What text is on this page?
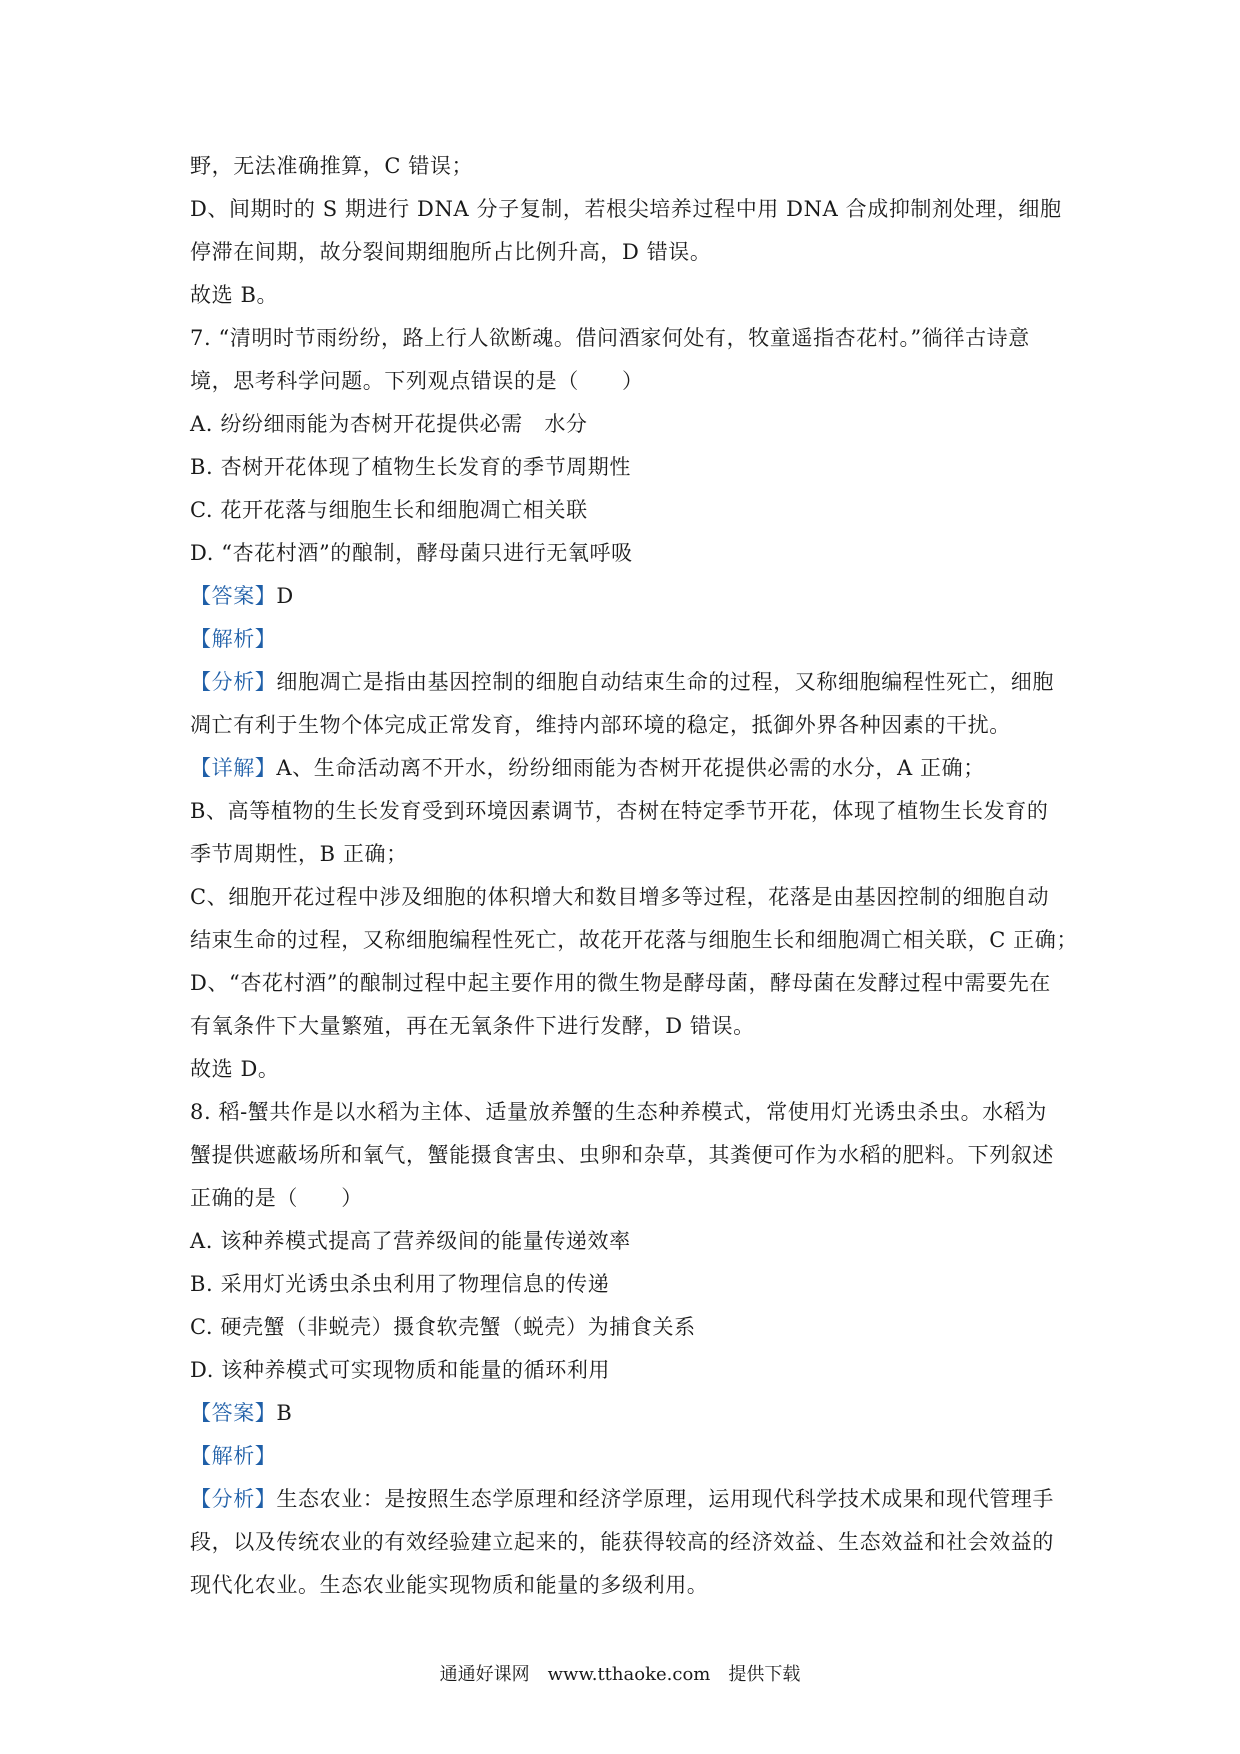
野，无法准确推算，C 错误；
D、间期时的 S 期进行 DNA 分子复制，若根尖培养过程中用 DNA 合成抑制剂处理，细胞
停滞在间期，故分裂间期细胞所占比例升高，D 错误。
故选 B。
7. “清明时节雨纷纷，路上行人欲断魂。借问酒家何处有，牧童遥指杏花村。”徜徉古诗意
境，思考科学问题。下列观点错误的是（　　）
A. 纷纷细雨能为杏树开花提供必需　水分
B. 杏树开花体现了植物生长发育的季节周期性
C. 花开花落与细胞生长和细胞凋亡相关联
D. “杏花村酒”的酿制，酵母菌只进行无氧呼吸
【答案】D
【解析】
【分析】细胞凋亡是指由基因控制的细胞自动结束生命的过程，又称细胞编程性死亡，细胞
凋亡有利于生物个体完成正常发育，维持内部环境的稳定，抵御外界各种因素的干扰。
【详解】A、生命活动离不开水，纷纷细雨能为杏树开花提供必需的水分，A 正确；
B、高等植物的生长发育受到环境因素调节，杏树在特定季节开花，体现了植物生长发育的
季节周期性，B 正确；
C、细胞开花过程中涉及细胞的体积增大和数目增多等过程，花落是由基因控制的细胞自动
结束生命的过程，又称细胞编程性死亡，故花开花落与细胞生长和细胞凋亡相关联，C 正确；
D、“杏花村酒”的酿制过程中起主要作用的微生物是酵母菌，酵母菌在发酵过程中需要先在
有氧条件下大量繁殖，再在无氧条件下进行发酵，D 错误。
故选 D。
8. 稻-蟹共作是以水稻为主体、适量放养蟹的生态种养模式，常使用灯光诱虫杀虫。水稻为
蟹提供遮蔽场所和氧气，蟹能摄食害虫、虫卵和杂草，其粪便可作为水稻的肥料。下列叙述
正确的是（　　）
A. 该种养模式提高了营养级间的能量传递效率
B. 采用灯光诱虫杀虫利用了物理信息的传递
C. 硬壳蟹（非蜕壳）摄食软壳蟹（蜕壳）为捕食关系
D. 该种养模式可实现物质和能量的循环利用
【答案】B
【解析】
【分析】生态农业：是按照生态学原理和经济学原理，运用现代科学技术成果和现代管理手
段，以及传统农业的有效经验建立起来的，能获得较高的经济效益、生态效益和社会效益的
现代化农业。生态农业能实现物质和能量的多级利用。
通通好课网　www.tthaoke.com　提供下载
